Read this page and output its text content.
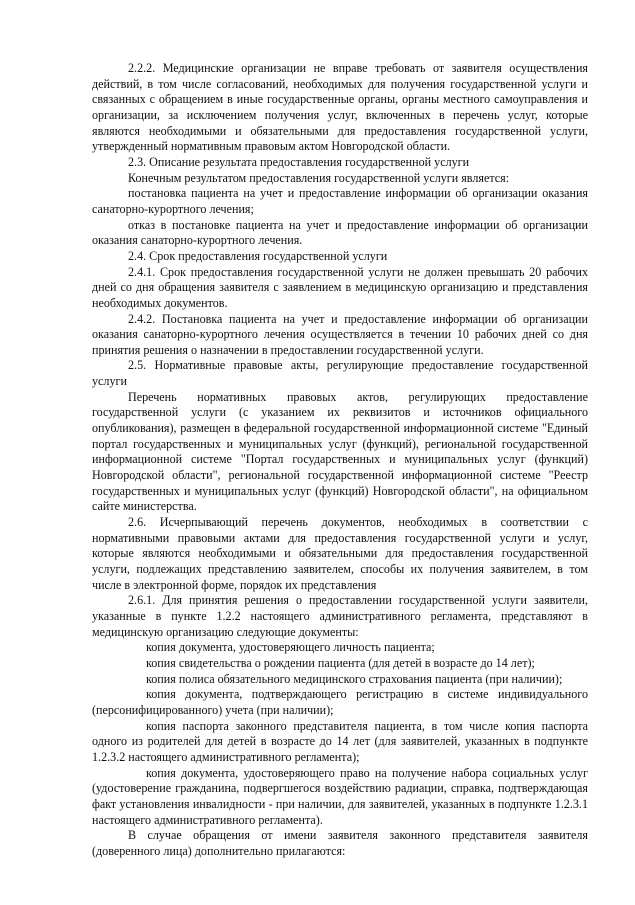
2.2.2. Медицинские организации не вправе требовать от заявителя осуществления действий, в том числе согласований, необходимых для получения государственной услуги и связанных с обращением в иные государственные органы, органы местного самоуправления и организации, за исключением получения услуг, включенных в перечень услуг, которые являются необходимыми и обязательными для предоставления государственной услуги, утвержденный нормативным правовым актом Новгородской области.

2.3. Описание результата предоставления государственной услуги

Конечным результатом предоставления государственной услуги является:

постановка пациента на учет и предоставление информации об организации оказания санаторно-курортного лечения;

отказ в постановке пациента на учет и предоставление информации об организации оказания санаторно-курортного лечения.

2.4. Срок предоставления государственной услуги

2.4.1. Срок предоставления государственной услуги не должен превышать 20 рабочих дней со дня обращения заявителя с заявлением в медицинскую организацию и представления необходимых документов.

2.4.2. Постановка пациента на учет и предоставление информации об организации оказания санаторно-курортного лечения осуществляется в течении 10 рабочих дней со дня принятия решения о назначении в предоставлении государственной услуги.

2.5. Нормативные правовые акты, регулирующие предоставление государственной услуги

Перечень нормативных правовых актов, регулирующих предоставление государственной услуги (с указанием их реквизитов и источников официального опубликования), размещен в федеральной государственной информационной системе "Единый портал государственных и муниципальных услуг (функций), региональной государственной информационной системе "Портал государственных и муниципальных услуг (функций) Новгородской области", региональной государственной информационной системе "Реестр государственных и муниципальных услуг (функций) Новгородской области", на официальном сайте министерства.

2.6. Исчерпывающий перечень документов, необходимых в соответствии с нормативными правовыми актами для предоставления государственной услуги и услуг, которые являются необходимыми и обязательными для предоставления государственной услуги, подлежащих представлению заявителем, способы их получения заявителем, в том числе в электронной форме, порядок их представления

2.6.1. Для принятия решения о предоставлении государственной услуги заявители, указанные в пункте 1.2.2 настоящего административного регламента, представляют в медицинскую организацию следующие документы:

копия документа, удостоверяющего личность пациента;

копия свидетельства о рождении пациента (для детей в возрасте до 14 лет);

копия полиса обязательного медицинского страхования пациента (при наличии);

копия документа, подтверждающего регистрацию в системе индивидуального (персонифицированного) учета (при наличии);

копия паспорта законного представителя пациента, в том числе копия паспорта одного из родителей для детей в возрасте до 14 лет (для заявителей, указанных в подпункте 1.2.3.2 настоящего административного регламента);

копия документа, удостоверяющего право на получение набора социальных услуг (удостоверение гражданина, подвергшегося воздействию радиации, справка, подтверждающая факт установления инвалидности - при наличии, для заявителей, указанных в подпункте 1.2.3.1 настоящего административного регламента).

В случае обращения от имени заявителя законного представителя заявителя (доверенного лица) дополнительно прилагаются:
